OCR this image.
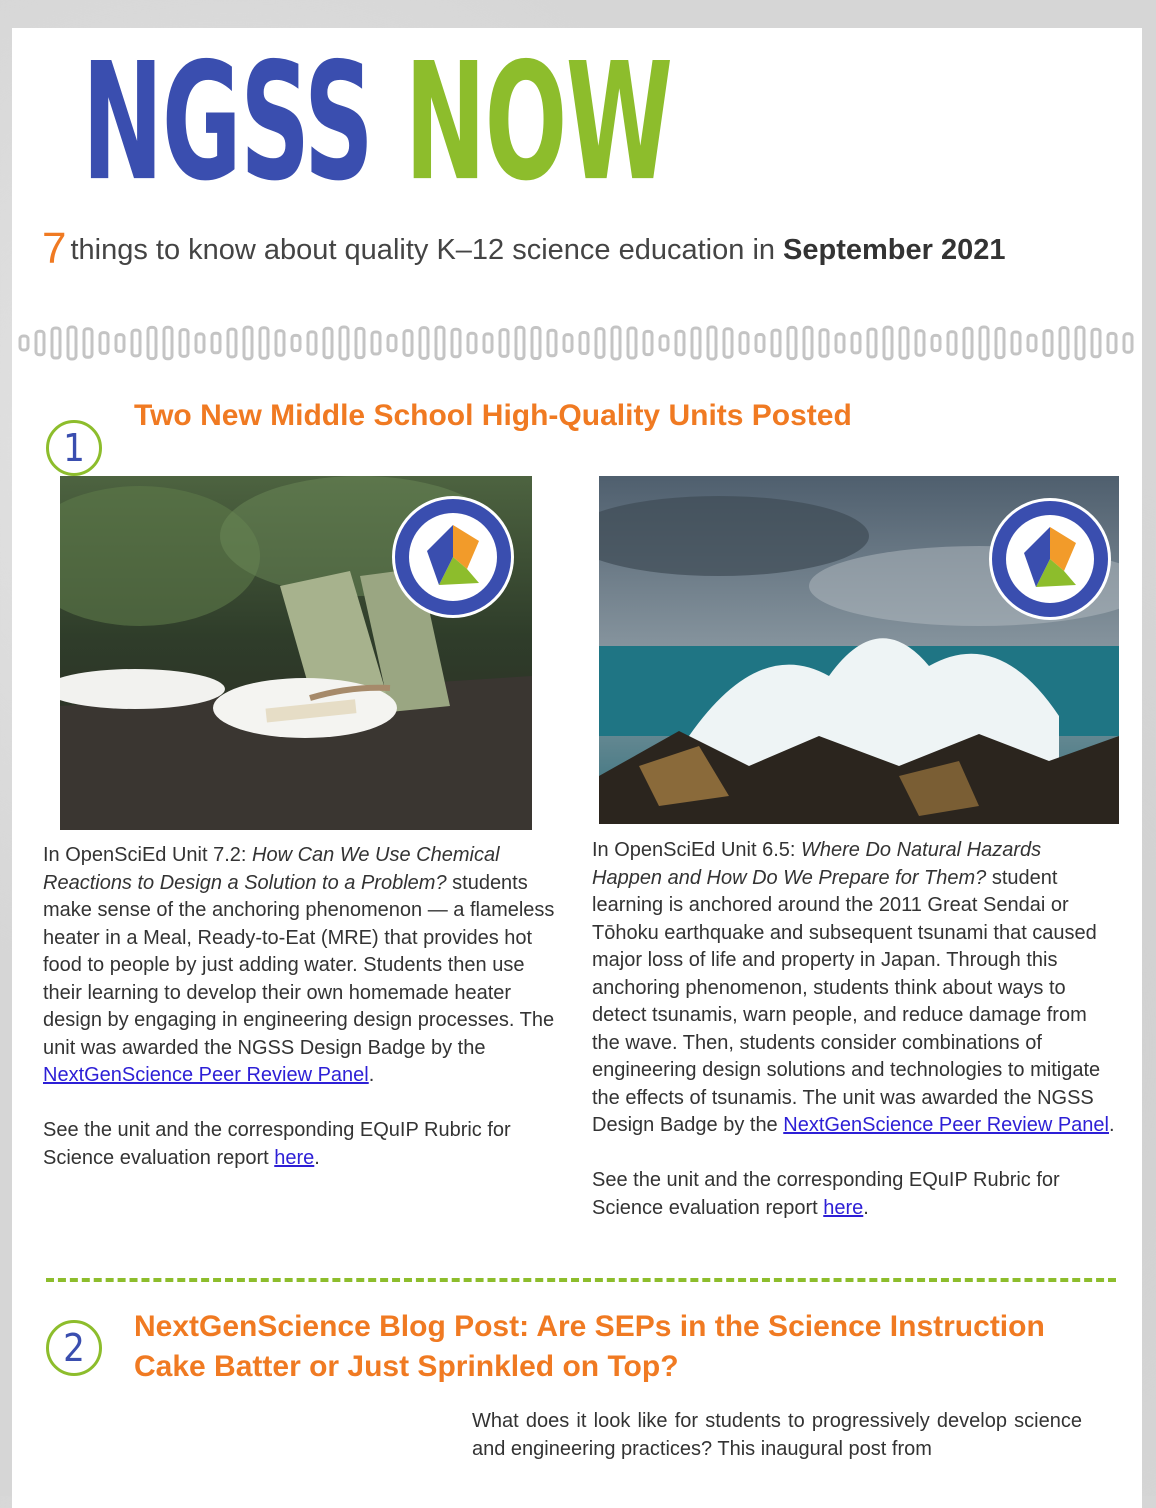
NGSS NOW
7 things to know about quality K–12 science education in September 2021
1
Two New Middle School High-Quality Units Posted
In OpenSciEd Unit 7.2: How Can We Use Chemical Reactions to Design a Solution to a Problem? students make sense of the anchoring phenomenon — a flameless heater in a Meal, Ready-to-Eat (MRE) that provides hot food to people by just adding water. Students then use their learning to develop their own homemade heater design by engaging in engineering design processes. The unit was awarded the NGSS Design Badge by the NextGenScience Peer Review Panel.

See the unit and the corresponding EQuIP Rubric for Science evaluation report here.
In OpenSciEd Unit 6.5: Where Do Natural Hazards Happen and How Do We Prepare for Them? student learning is anchored around the 2011 Great Sendai or Tōhoku earthquake and subsequent tsunami that caused major loss of life and property in Japan. Through this anchoring phenomenon, students think about ways to detect tsunamis, warn people, and reduce damage from the wave. Then, students consider combinations of engineering design solutions and technologies to mitigate the effects of tsunamis. The unit was awarded the NGSS Design Badge by the NextGenScience Peer Review Panel.

See the unit and the corresponding EQuIP Rubric for Science evaluation report here.
2 NextGenScience Blog Post: Are SEPs in the Science Instruction
Cake Batter or Just Sprinkled on Top?
What does it look like for students to progressively develop science and engineering practices? This inaugural post from
